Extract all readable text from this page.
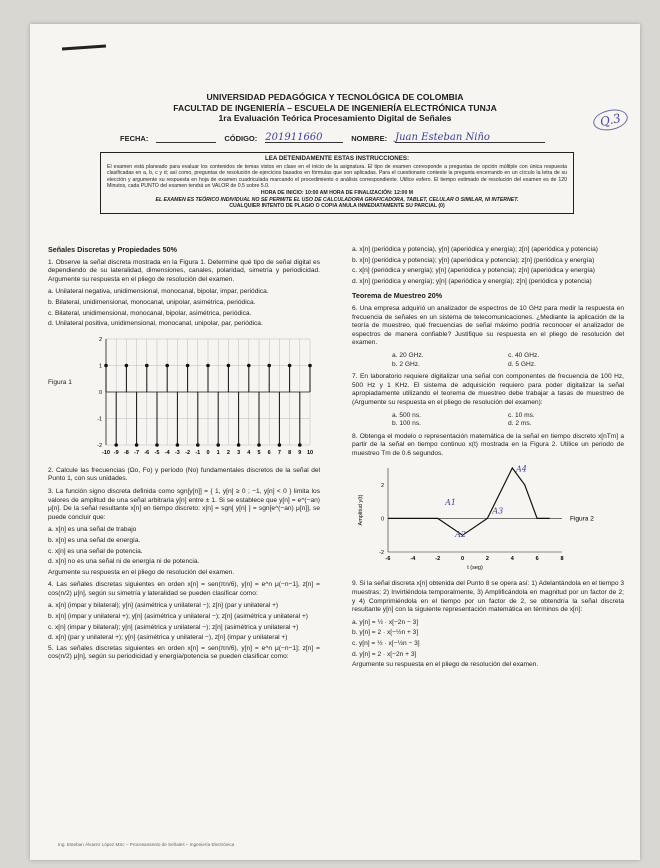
UNIVERSIDAD PEDAGÓGICA Y TECNOLÓGICA DE COLOMBIA
FACULTAD DE INGENIERÍA – ESCUELA DE INGENIERÍA ELECTRÓNICA TUNJA
1ra Evaluación Teórica Procesamiento Digital de Señales	Q.3
FECHA:	CÓDIGO: 201911660	NOMBRE: Juan Esteban Niño
LEA DETENIDAMENTE ESTAS INSTRUCCIONES:
El examen está planeado para evaluar los contenidos de temas vistos en clase en el inicio de la asignatura. El tipo de examen corresponde a preguntas de opción múltiple con única respuesta clasificadas en a, b, c y d; así como, preguntas de resolución de ejercicios basados en fórmulas que son aplicadas. Para el cuestionario conteste la pregunta encerrando en un círculo la letra de su elección y argumente su respuesta en hoja de examen cuadriculada marcando el procedimiento o análisis correspondiente. Utilice esfero. El tiempo estimado de resolución del examen es de 120 Minutos, cada PUNTO del examen tendrá un VALOR de 0.5 sobre 5.0.
HORA DE INICIO: 10:00 AM HORA DE FINALIZACIÓN: 12:00 M
EL EXAMEN ES TEÓRICO INDIVIDUAL NO SE PERMITE EL USO DE CALCULADORA GRAFICADORA, TABLET, CELULAR O SIMILAR, NI INTERNET.
CUALQUIER INTENTO DE PLAGIO O COPIA ANULA INMEDIATAMENTE SU PARCIAL (0)
Señales Discretas y Propiedades 50%
1. Observe la señal discreta mostrada en la Figura 1. Determine qué tipo de señal digital es dependiendo de su lateralidad, dimensiones, canales, polaridad, simetría y periodicidad. Argumente su respuesta en el pliego de resolución del examen.
a. Unilateral negativa, unidimensional, monocanal, bipolar, impar, periódica.
b. Bilateral, unidimensional, monocanal, unipolar, asimétrica, periódica.
c. Bilateral, unidimensional, monocanal, bipolar, asimétrica, periódica.
d. Unilateral positiva, unidimensional, monocanal, unipolar, par, periódica.
Figura 1
-10 -9 -8 -7 -6 -5 -4 -3 -2 -1 0 1 2 3 4 5 6 7 8 9 10
2
1
0
-1
-2
2. Calcule las frecuencias (Ωo, Fo) y período (No) fundamentales discretos de la señal del Punto 1, con sus unidades.
3. La función signo discreta definida como sgn[y[n]] = { 1, y[n] ≥ 0 ; −1, y[n] < 0 } limita los valores de amplitud de una señal arbitraria y[n] entre ± 1. Si se establece que y[n] = e^(−an) μ[n]. De la señal resultante x[n] en tiempo discreto: x[n] = sgn[ y[n] ] = sgn[e^(−an) μ[n]], se puede concluir que:
a. x[n] es una señal de trabajo
b. x[n] es una señal de energía.
c. x[n] es una señal de potencia.
d. x[n] no es una señal ni de energía ni de potencia.
Argumente su respuesta en el pliego de resolución del examen.
4. Las señales discretas siguientes en orden x[n] = sen(πn/6), y[n] = e^n μ(−n−1], z[n] = cos(n/2) μ[n], según su simetría y lateralidad se pueden clasificar como:
a. x[n] (impar y bilateral); y[n] (asimétrica y unilateral −); z[n] (par y unilateral +)
b. x[n] (impar y unilateral +); y[n] (asimétrica y unilateral −); z[n] (asimétrica y unilateral +)
c. x[n] (impar y bilateral); y[n] (asimétrica y unilateral −); z[n] (asimétrica y unilateral +)
d. x[n] (par y unilateral +); y[n] (asimétrica y unilateral −), z[n] (impar y unilateral +)
5. Las señales discretas siguientes en orden x[n] = sen(πn/6), y[n] = e^n μ(−n−1]; z[n] = cos(n/2) μ[n], según su periodicidad y energía/potencia se pueden clasificar como:
a. x[n] (periódica y potencia), y[n] (aperiódica y energía); z[n] (aperiódica y potencia)
b. x[n] (periódica y potencia); y[n] (aperiódica y potencia); z[n] (periódica y energía)
c. x[n] (periódica y energía); y[n] (aperiódica y potencia); z[n] (aperiódica y energía)
d. x[n] (periódica y energía); y[n] (aperiódica y energía); z[n] (periódica y potencia)
Teorema de Muestreo 20%
6. Una empresa adquirió un analizador de espectros de 10 GHz para medir la respuesta en frecuencia de señales en un sistema de telecomunicaciones. ¿Mediante la aplicación de la teoría de muestreo, qué frecuencias de señal máximo podría reconocer el analizador de espectros de manera confiable? Justifique su respuesta en el pliego de resolución del examen.
a. 20 GHz.	c. 40 GHz.
b. 2 GHz.	d. 5 GHz.
7. En laboratorio requiere digitalizar una señal con componentes de frecuencia de 100 Hz, 500 Hz y 1 KHz. El sistema de adquisición requiero para poder digitalizar la señal apropiadamente utilizando el teorema de muestreo debe trabajar a tasas de muestreo de (Argumente su respuesta en el pliego de resolución del examen):
a. 500 ns.	c. 10 ms.
b. 100 ns.	d. 2 ms.
8. Obtenga el modelo o representación matemática de la señal en tiempo discreto x[nTm] a partir de la señal en tiempo continuo x(t) mostrada en la Figura 2. Utilice un periodo de muestreo Tm de 0.6 segundos.
-6	-4	-2	0	2	4	6	8
2
0
-2
t (seg)
Amplitud y(t)	Figura 2
A1
A2
A3
A4
9. Si la señal discreta x[n] obtenida del Punto 8 se opera así: 1) Adelantándola en el tiempo 3 muestras; 2) Invirtiéndola temporalmente, 3) Amplificándola en magnitud por un factor de 2; y 4) Comprimiéndola en el tiempo por un factor de 2, se obtendría la señal discreta resultante y[n] con la siguiente representación matemática en términos de x[n]:
a. y[n] = ½ · x[−2n − 3]
b. y[n] = 2 · x[−½n + 3]
c. y[n] = ½ · x[−½n − 3]
d. y[n] = 2 · x[−2n + 3]
Argumente su respuesta en el pliego de resolución del examen.
Ing. Esteban Álvarez López MSc – Procesamiento de Señales – Ingeniería Electrónica
